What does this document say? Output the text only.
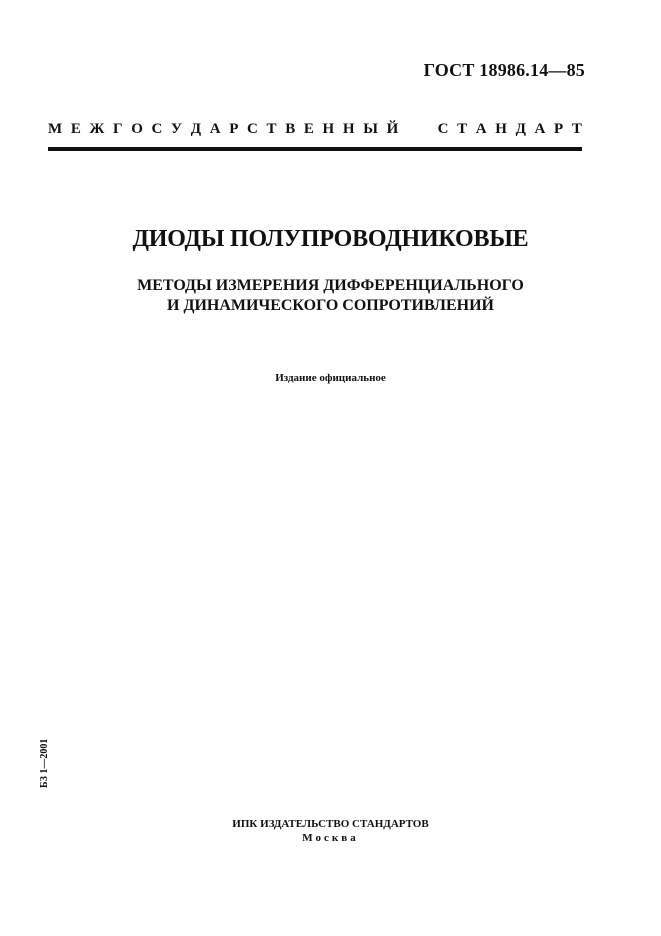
ГОСТ 18986.14—85
М Е Ж Г О С У Д А Р С Т В Е Н Н Ы Й	С Т А Н Д А Р Т
ДИОДЫ ПОЛУПРОВОДНИКОВЫЕ
МЕТОДЫ ИЗМЕРЕНИЯ ДИФФЕРЕНЦИАЛЬНОГО
И ДИНАМИЧЕСКОГО СОПРОТИВЛЕНИЙ
Издание официальное
БЗ 1—2001
ИПК ИЗДАТЕЛЬСТВО СТАНДАРТОВ
Москва
